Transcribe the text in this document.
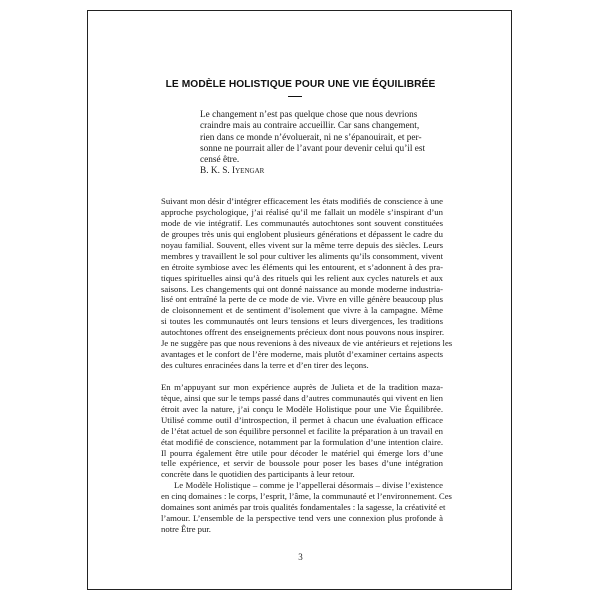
LE MODÈLE HOLISTIQUE POUR UNE VIE ÉQUILIBRÉE
Le changement n’est pas quelque chose que nous devrions
craindre mais au contraire accueillir. Car sans changement,
rien dans ce monde n’évoluerait, ni ne s’épanouirait, et per-
sonne ne pourrait aller de l’avant pour devenir celui qu’il est
censé être.
B. K. S. Iyengar
Suivant mon désir d’intégrer efficacement les états modifiés de conscience à une
approche psychologique, j’ai réalisé qu’il me fallait un modèle s’inspirant d’un
mode de vie intégratif. Les communautés autochtones sont souvent constituées
de groupes très unis qui englobent plusieurs générations et dépassent le cadre du
noyau familial. Souvent, elles vivent sur la même terre depuis des siècles. Leurs
membres y travaillent le sol pour cultiver les aliments qu’ils consomment, vivent
en étroite symbiose avec les éléments qui les entourent, et s’adonnent à des pra-
tiques spirituelles ainsi qu’à des rituels qui les relient aux cycles naturels et aux
saisons. Les changements qui ont donné naissance au monde moderne industria-
lisé ont entraîné la perte de ce mode de vie. Vivre en ville génère beaucoup plus
de cloisonnement et de sentiment d’isolement que vivre à la campagne. Même
si toutes les communautés ont leurs tensions et leurs divergences, les traditions
autochtones offrent des enseignements précieux dont nous pouvons nous inspirer.
Je ne suggère pas que nous revenions à des niveaux de vie antérieurs et rejetions les
avantages et le confort de l’ère moderne, mais plutôt d’examiner certains aspects
des cultures enracinées dans la terre et d’en tirer des leçons.
En m’appuyant sur mon expérience auprès de Julieta et de la tradition maza-
tèque, ainsi que sur le temps passé dans d’autres communautés qui vivent en lien
étroit avec la nature, j’ai conçu le Modèle Holistique pour une Vie Équilibrée.
Utilisé comme outil d’introspection, il permet à chacun une évaluation efficace
de l’état actuel de son équilibre personnel et facilite la préparation à un travail en
état modifié de conscience, notamment par la formulation d’une intention claire.
Il pourra également être utile pour décoder le matériel qui émerge lors d’une
telle expérience, et servir de boussole pour poser les bases d’une intégration
concrète dans le quotidien des participants à leur retour.
Le Modèle Holistique – comme je l’appellerai désormais – divise l’existence
en cinq domaines : le corps, l’esprit, l’âme, la communauté et l’environnement. Ces
domaines sont animés par trois qualités fondamentales : la sagesse, la créativité et
l’amour. L’ensemble de la perspective tend vers une connexion plus profonde à
notre Être pur.
3
